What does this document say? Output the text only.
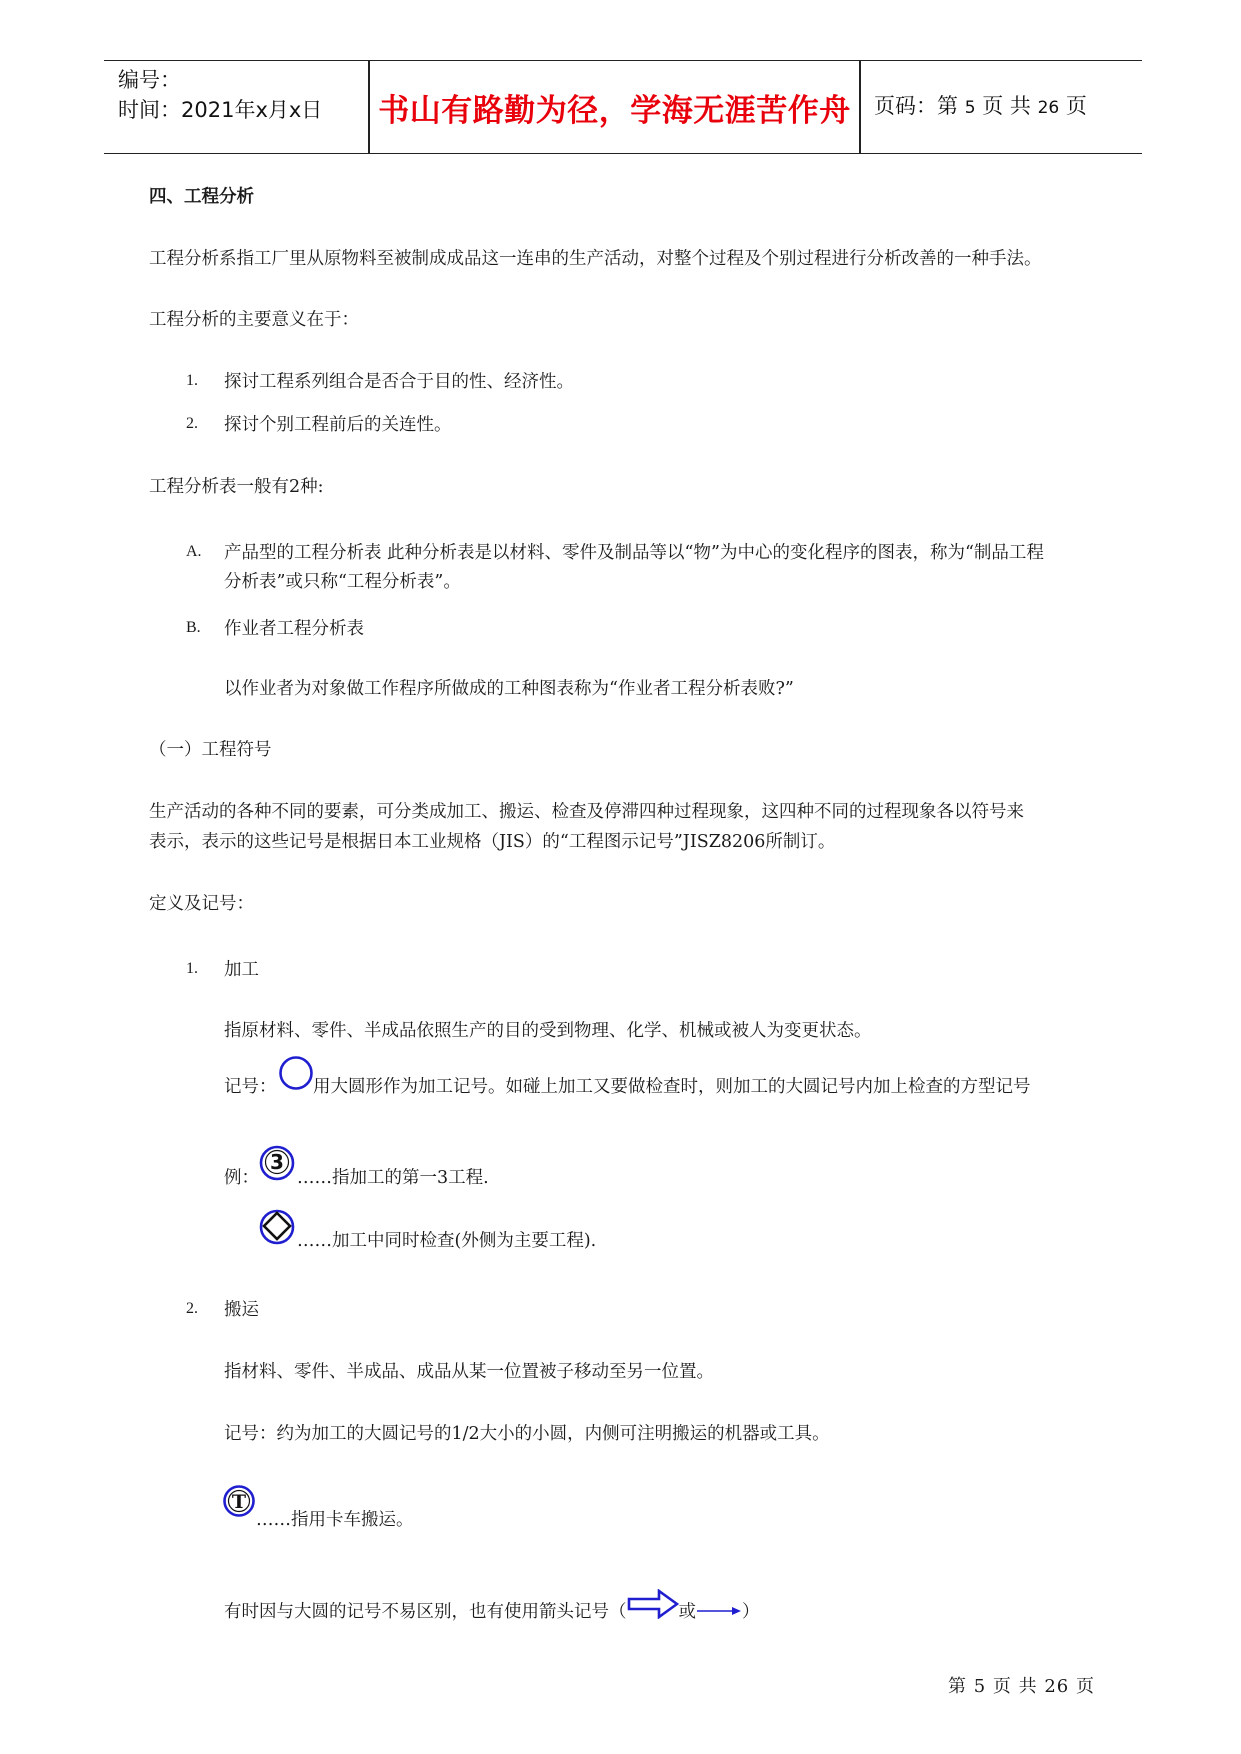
编号：
时间：2021年x月x日 书山有路勤为径，学海无涯苦作舟	页码：第 5 页 共 26 页
四、工程分析
工程分析系指工厂里从原物料至被制成成品这一连串的生产活动，对整个过程及个别过程进行分析改善的一种手法。
工程分析的主要意义在于：
1. 探讨工程系列组合是否合于目的性、经济性。
2. 探讨个别工程前后的关连性。
工程分析表一般有2种:
A. 产品型的工程分析表 此种分析表是以材料、零件及制品等以“物”为中心的变化程序的图表，称为“制品工程
分析表”或只称“工程分析表”。
B. 作业者工程分析表
以作业者为对象做工作程序所做成的工种图表称为“作业者工程分析表败?”
（一）工程符号
生产活动的各种不同的要素，可分类成加工、搬运、检查及停滞四种过程现象，这四种不同的过程现象各以符号来
表示，表示的这些记号是根据日本工业规格（JIS）的“工程图示记号”JISZ8206所制订。
定义及记号：
1. 加工
指原材料、零件、半成品依照生产的目的受到物理、化学、机械或被人为变更状态。
记号： 用大圆形作为加工记号。如碰上加工又要做检查时，则加工的大圆记号内加上检查的方型记号
例：
3
……指加工的第一3工程.
……加工中同时检查(外侧为主要工程).
2. 搬运
指材料、零件、半成品、成品从某一位置被子移动至另一位置。
记号：约为加工的大圆记号的1/2大小的小圆，内侧可注明搬运的机器或工具。
T
……指用卡车搬运。
有时因与大圆的记号不易区别，也有使用箭头记号（	或	）
第 5 页 共 26 页
